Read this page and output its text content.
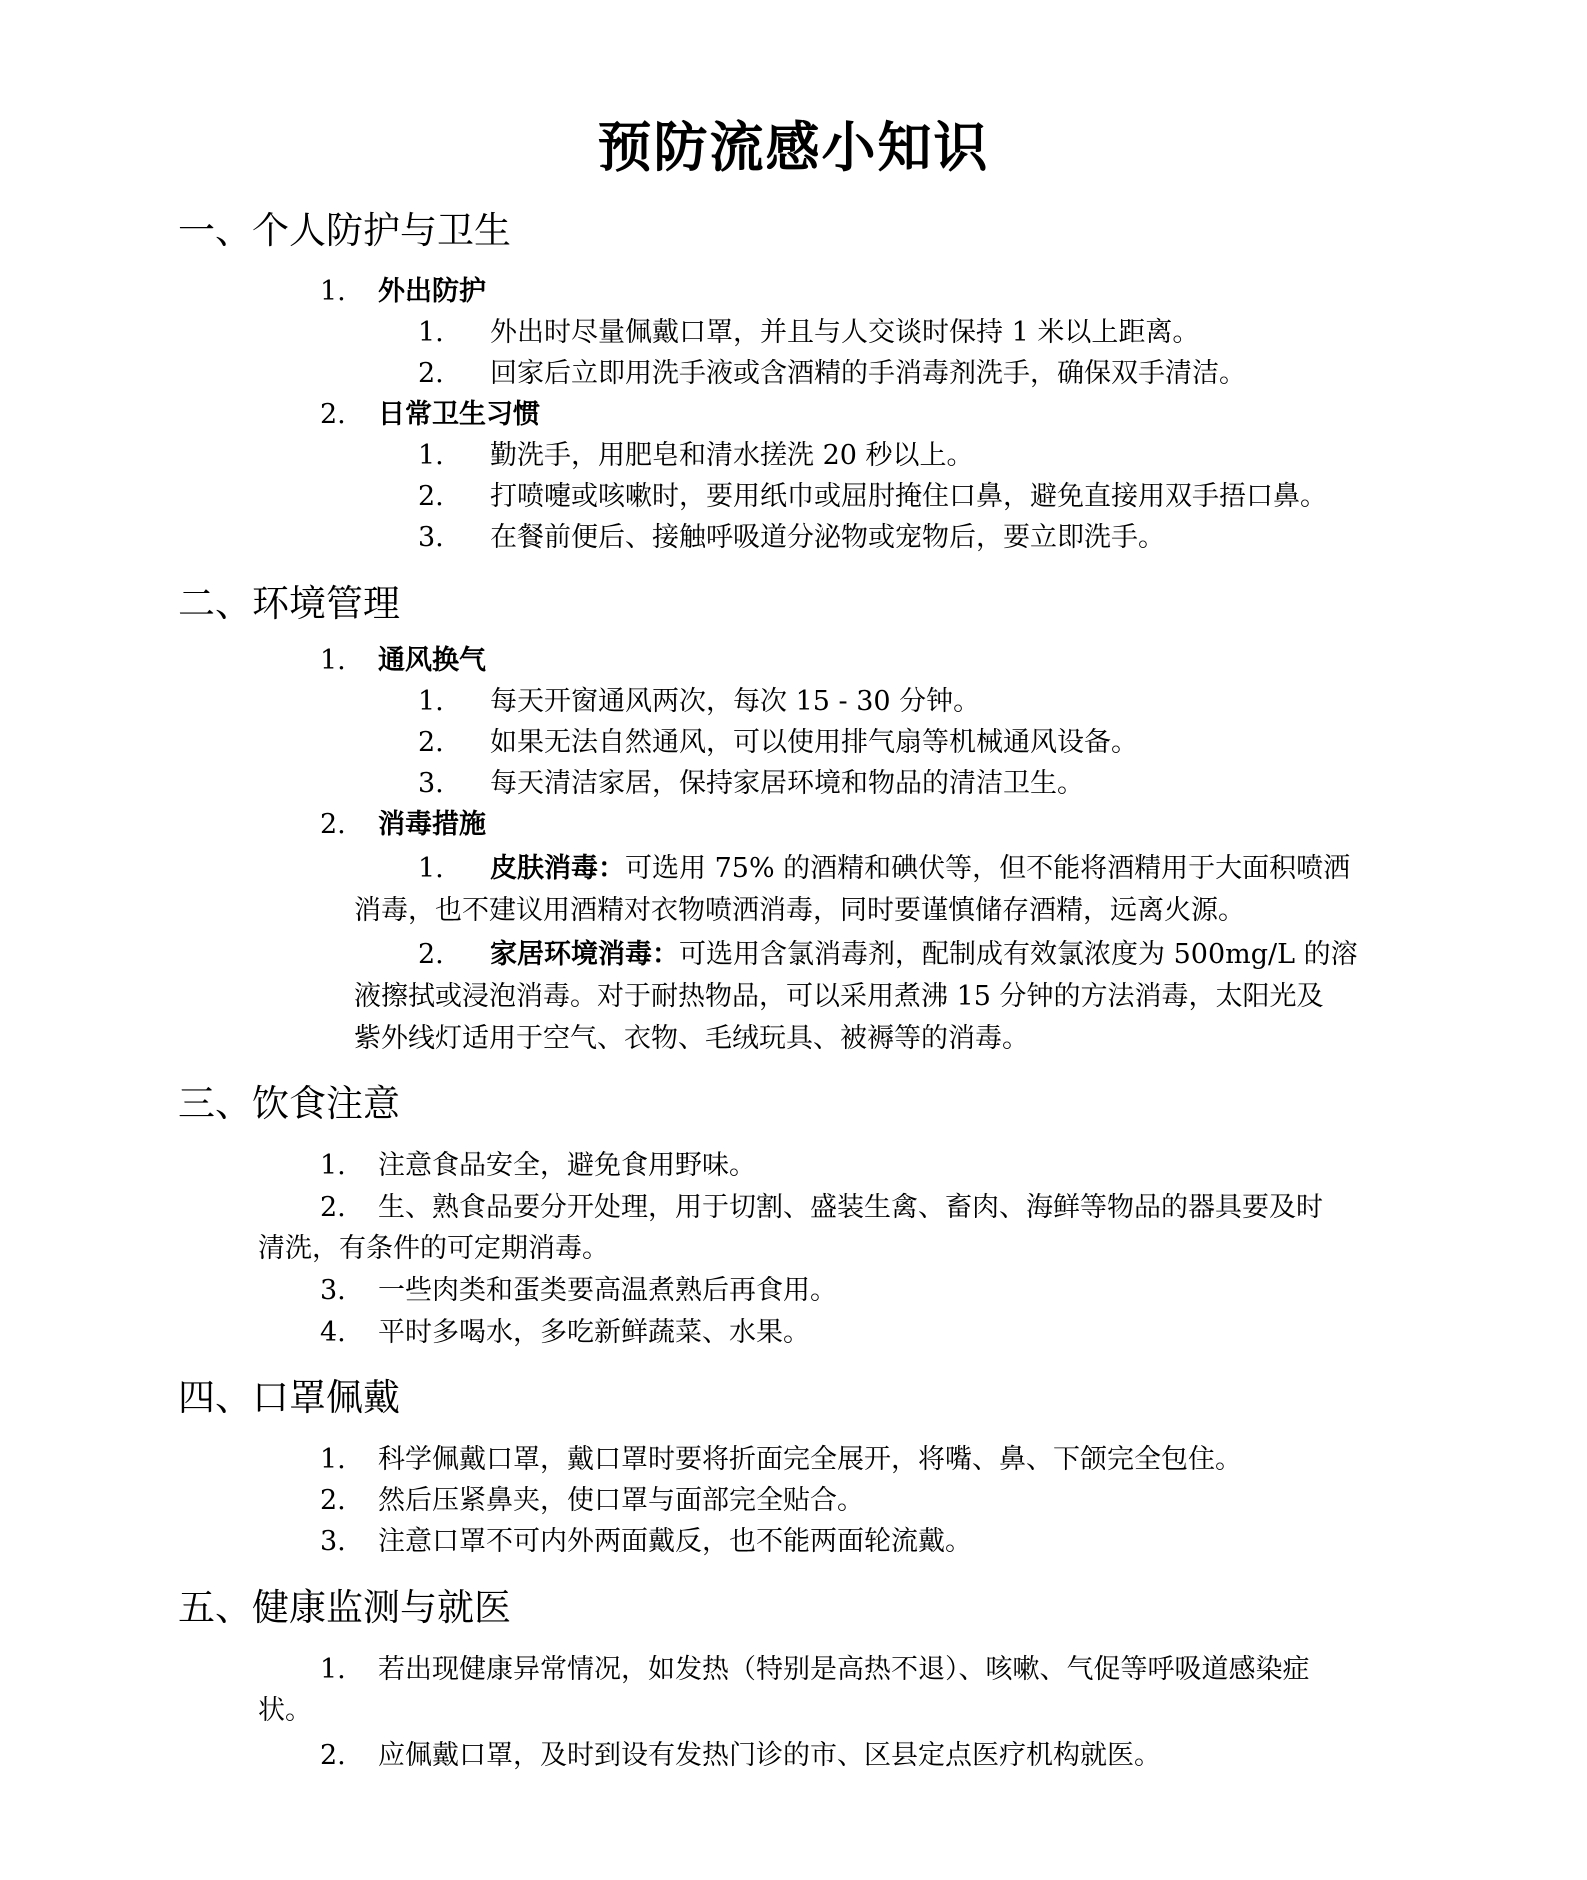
预防流感小知识
一、个人防护与卫生
1. 外出防护
1. 外出时尽量佩戴口罩，并且与人交谈时保持 1 米以上距离。
2. 回家后立即用洗手液或含酒精的手消毒剂洗手，确保双手清洁。
2. 日常卫生习惯
1. 勤洗手，用肥皂和清水搓洗 20 秒以上。
2. 打喷嚏或咳嗽时，要用纸巾或屈肘掩住口鼻，避免直接用双手捂口鼻。
3. 在餐前便后、接触呼吸道分泌物或宠物后，要立即洗手。
二、环境管理
1. 通风换气
1. 每天开窗通风两次，每次 15 - 30 分钟。
2. 如果无法自然通风，可以使用排气扇等机械通风设备。
3. 每天清洁家居，保持家居环境和物品的清洁卫生。
2. 消毒措施
1. 皮肤消毒：可选用 75% 的酒精和碘伏等，但不能将酒精用于大面积喷洒
消毒，也不建议用酒精对衣物喷洒消毒，同时要谨慎储存酒精，远离火源。
2. 家居环境消毒：可选用含氯消毒剂，配制成有效氯浓度为 500mg/L 的溶
液擦拭或浸泡消毒。对于耐热物品，可以采用煮沸 15 分钟的方法消毒，太阳光及
紫外线灯适用于空气、衣物、毛绒玩具、被褥等的消毒。
三、饮食注意
1. 注意食品安全，避免食用野味。
2. 生、熟食品要分开处理，用于切割、盛装生禽、畜肉、海鲜等物品的器具要及时
清洗，有条件的可定期消毒。
3. 一些肉类和蛋类要高温煮熟后再食用。
4. 平时多喝水，多吃新鲜蔬菜、水果。
四、口罩佩戴
1. 科学佩戴口罩，戴口罩时要将折面完全展开，将嘴、鼻、下颌完全包住。
2. 然后压紧鼻夹，使口罩与面部完全贴合。
3. 注意口罩不可内外两面戴反，也不能两面轮流戴。
五、健康监测与就医
1. 若出现健康异常情况，如发热（特别是高热不退）、咳嗽、气促等呼吸道感染症
状。
2. 应佩戴口罩，及时到设有发热门诊的市、区县定点医疗机构就医。
